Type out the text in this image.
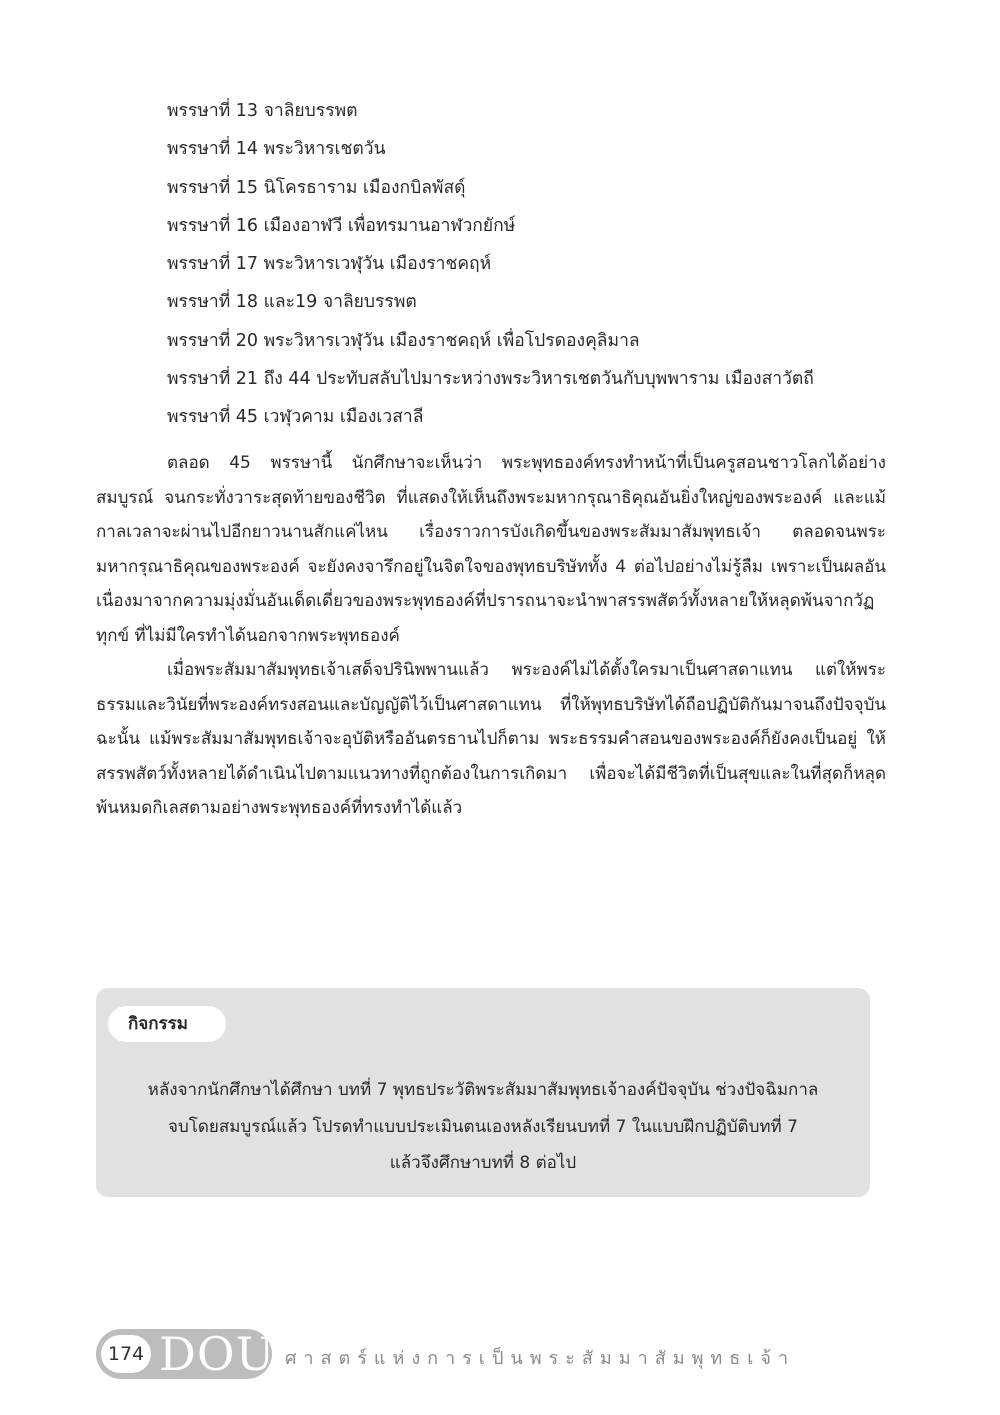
พรรษาที่ 13 จาลิยบรรพต
พรรษาที่ 14 พระวิหารเชตวัน
พรรษาที่ 15 นิโครธาราม เมืองกบิลพัสดุ์
พรรษาที่ 16 เมืองอาฬวี เพื่อทรมานอาฬวกยักษ์
พรรษาที่ 17 พระวิหารเวฬุวัน เมืองราชคฤห์
พรรษาที่ 18 และ19 จาลิยบรรพต
พรรษาที่ 20 พระวิหารเวฬุวัน เมืองราชคฤห์ เพื่อโปรดองคุลิมาล
พรรษาที่ 21 ถึง 44 ประทับสลับไปมาระหว่างพระวิหารเชตวันกับบุพพาราม เมืองสาวัตถี
พรรษาที่ 45 เวฬุวคาม เมืองเวสาลี

ตลอด 45 พรรษานี้ นักศึกษาจะเห็นว่า พระพุทธองค์ทรงทำหน้าที่เป็นครูสอนชาวโลกได้อย่างสมบูรณ์ จนกระทั่งวาระสุดท้ายของชีวิต ที่แสดงให้เห็นถึงพระมหากรุณาธิคุณอันยิ่งใหญ่ของพระองค์ และแม้กาลเวลาจะผ่านไปอีกยาวนานสักแค่ไหน เรื่องราวการบังเกิดขึ้นของพระสัมมาสัมพุทธเจ้า ตลอดจนพระมหากรุณาธิคุณของพระองค์ จะยังคงจารึกอยู่ในจิตใจของพุทธบริษัททั้ง 4 ต่อไปอย่างไม่รู้ลืม เพราะเป็นผลอันเนื่องมาจากความมุ่งมั่นอันเด็ดเดี่ยวของพระพุทธองค์ที่ปรารถนาจะนำพาสรรพสัตว์ทั้งหลายให้หลุดพ้นจากวัฏทุกข์ ที่ไม่มีใครทำได้นอกจากพระพุทธองค์

เมื่อพระสัมมาสัมพุทธเจ้าเสด็จปรินิพพานแล้ว พระองค์ไม่ได้ตั้งใครมาเป็นศาสดาแทน แต่ให้พระธรรมและวินัยที่พระองค์ทรงสอนและบัญญัติไว้เป็นศาสดาแทน ที่ให้พุทธบริษัทได้ถือปฏิบัติกันมาจนถึงปัจจุบัน ฉะนั้น แม้พระสัมมาสัมพุทธเจ้าจะอุบัติหรืออันตรธานไปก็ตาม พระธรรมคำสอนของพระองค์ก็ยังคงเป็นอยู่ ให้สรรพสัตว์ทั้งหลายได้ดำเนินไปตามแนวทางที่ถูกต้องในการเกิดมา เพื่อจะได้มีชีวิตที่เป็นสุขและในที่สุดก็หลุดพ้นหมดกิเลสตามอย่างพระพุทธองค์ที่ทรงทำได้แล้ว

กิจกรรม

หลังจากนักศึกษาได้ศึกษา บทที่ 7 พุทธประวัติพระสัมมาสัมพุทธเจ้าองค์ปัจจุบัน ช่วงปัจฉิมกาล
จบโดยสมบูรณ์แล้ว โปรดทำแบบประเมินตนเองหลังเรียนบทที่ 7 ในแบบฝึกปฏิบัติบทที่ 7
แล้วจึงศึกษาบทที่ 8 ต่อไป

174 DOU ศาสตร์แห่งการเป็นพระสัมมาสัมพุทธเจ้า
